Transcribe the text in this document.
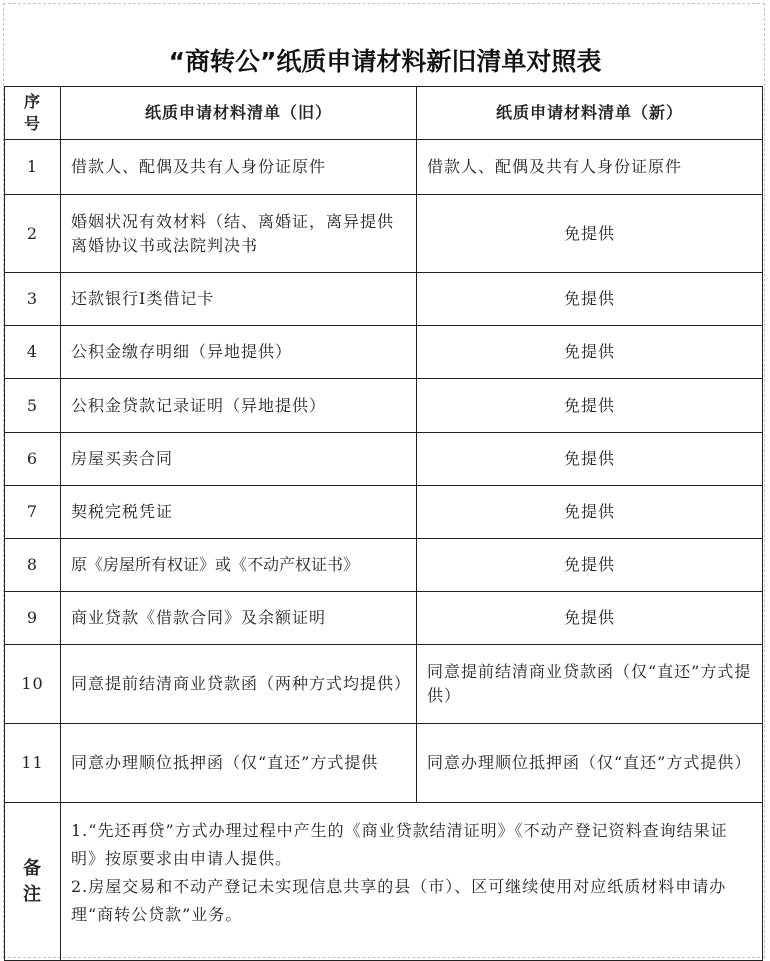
“商转公”纸质申请材料新旧清单对照表
序
号	纸质申请材料清单（旧）	纸质申请材料清单（新）
1	借款人、配偶及共有人身份证原件	借款人、配偶及共有人身份证原件
2	婚姻状况有效材料（结、离婚证，离异提供离婚协议书或法院判决书	免提供
3	还款银行Ⅰ类借记卡	免提供
4	公积金缴存明细（异地提供）	免提供
5	公积金贷款记录证明（异地提供）	免提供
6	房屋买卖合同	免提供
7	契税完税凭证	免提供
8	原《房屋所有权证》或《不动产权证书》	免提供
9	商业贷款《借款合同》及余额证明	免提供
10	同意提前结清商业贷款函（两种方式均提供）	同意提前结清商业贷款函（仅“直还”方式提供）
11	同意办理顺位抵押函（仅“直还”方式提供	同意办理顺位抵押函（仅“直还”方式提供）
备
注	1.“先还再贷”方式办理过程中产生的《商业贷款结清证明》《不动产登记资料查询结果证明》按原要求由申请人提供。
2.房屋交易和不动产登记未实现信息共享的县（市）、区可继续使用对应纸质材料申请办理“商转公贷款”业务。	
